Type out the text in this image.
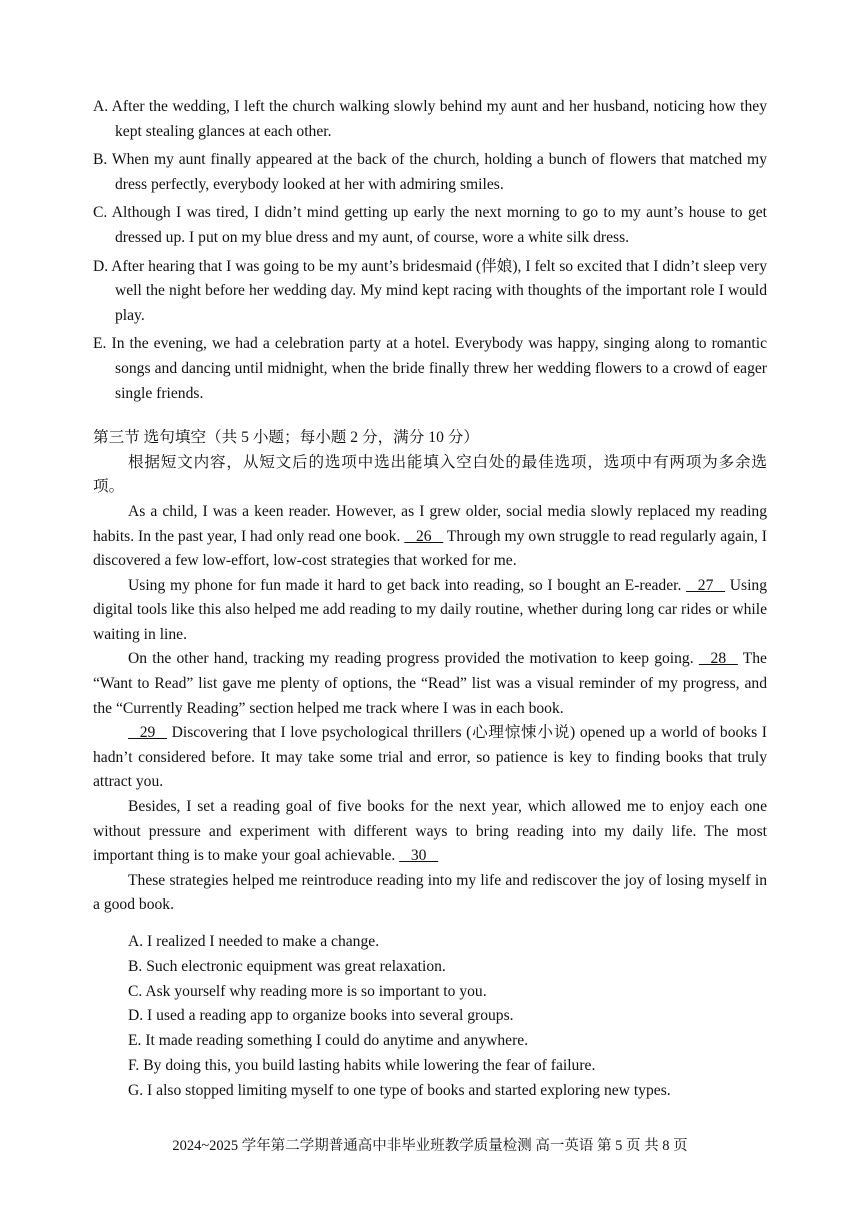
A. After the wedding, I left the church walking slowly behind my aunt and her husband, noticing how they kept stealing glances at each other.

B. When my aunt finally appeared at the back of the church, holding a bunch of flowers that matched my dress perfectly, everybody looked at her with admiring smiles.

C. Although I was tired, I didn’t mind getting up early the next morning to go to my aunt’s house to get dressed up. I put on my blue dress and my aunt, of course, wore a white silk dress.

D. After hearing that I was going to be my aunt’s bridesmaid (伴娘), I felt so excited that I didn’t sleep very well the night before her wedding day. My mind kept racing with thoughts of the important role I would play.

E. In the evening, we had a celebration party at a hotel. Everybody was happy, singing along to romantic songs and dancing until midnight, when the bride finally threw her wedding flowers to a crowd of eager single friends.

第三节 选句填空（共 5 小题；每小题 2 分，满分 10 分）

根据短文内容，从短文后的选项中选出能填入空白处的最佳选项，选项中有两项为多余选项。

As a child, I was a keen reader. However, as I grew older, social media slowly replaced my reading habits. In the past year, I had only read one book.    26    Through my own struggle to read regularly again, I discovered a few low-effort, low-cost strategies that worked for me.

Using my phone for fun made it hard to get back into reading, so I bought an E-reader.    27    Using digital tools like this also helped me add reading to my daily routine, whether during long car rides or while waiting in line.

On the other hand, tracking my reading progress provided the motivation to keep going.    28    The “Want to Read” list gave me plenty of options, the “Read” list was a visual reminder of my progress, and the “Currently Reading” section helped me track where I was in each book.

29    Discovering that I love psychological thrillers (心理惊悚小说) opened up a world of books I hadn’t considered before. It may take some trial and error, so patience is key to finding books that truly attract you.

Besides, I set a reading goal of five books for the next year, which allowed me to enjoy each one without pressure and experiment with different ways to bring reading into my daily life. The most important thing is to make your goal achievable.    30

These strategies helped me reintroduce reading into my life and rediscover the joy of losing myself in a good book.

A. I realized I needed to make a change.

B. Such electronic equipment was great relaxation.

C. Ask yourself why reading more is so important to you.

D. I used a reading app to organize books into several groups.

E. It made reading something I could do anytime and anywhere.

F. By doing this, you build lasting habits while lowering the fear of failure.

G. I also stopped limiting myself to one type of books and started exploring new types.

2024~2025 学年第二学期普通高中非毕业班教学质量检测 高一英语 第 5 页 共 8 页
